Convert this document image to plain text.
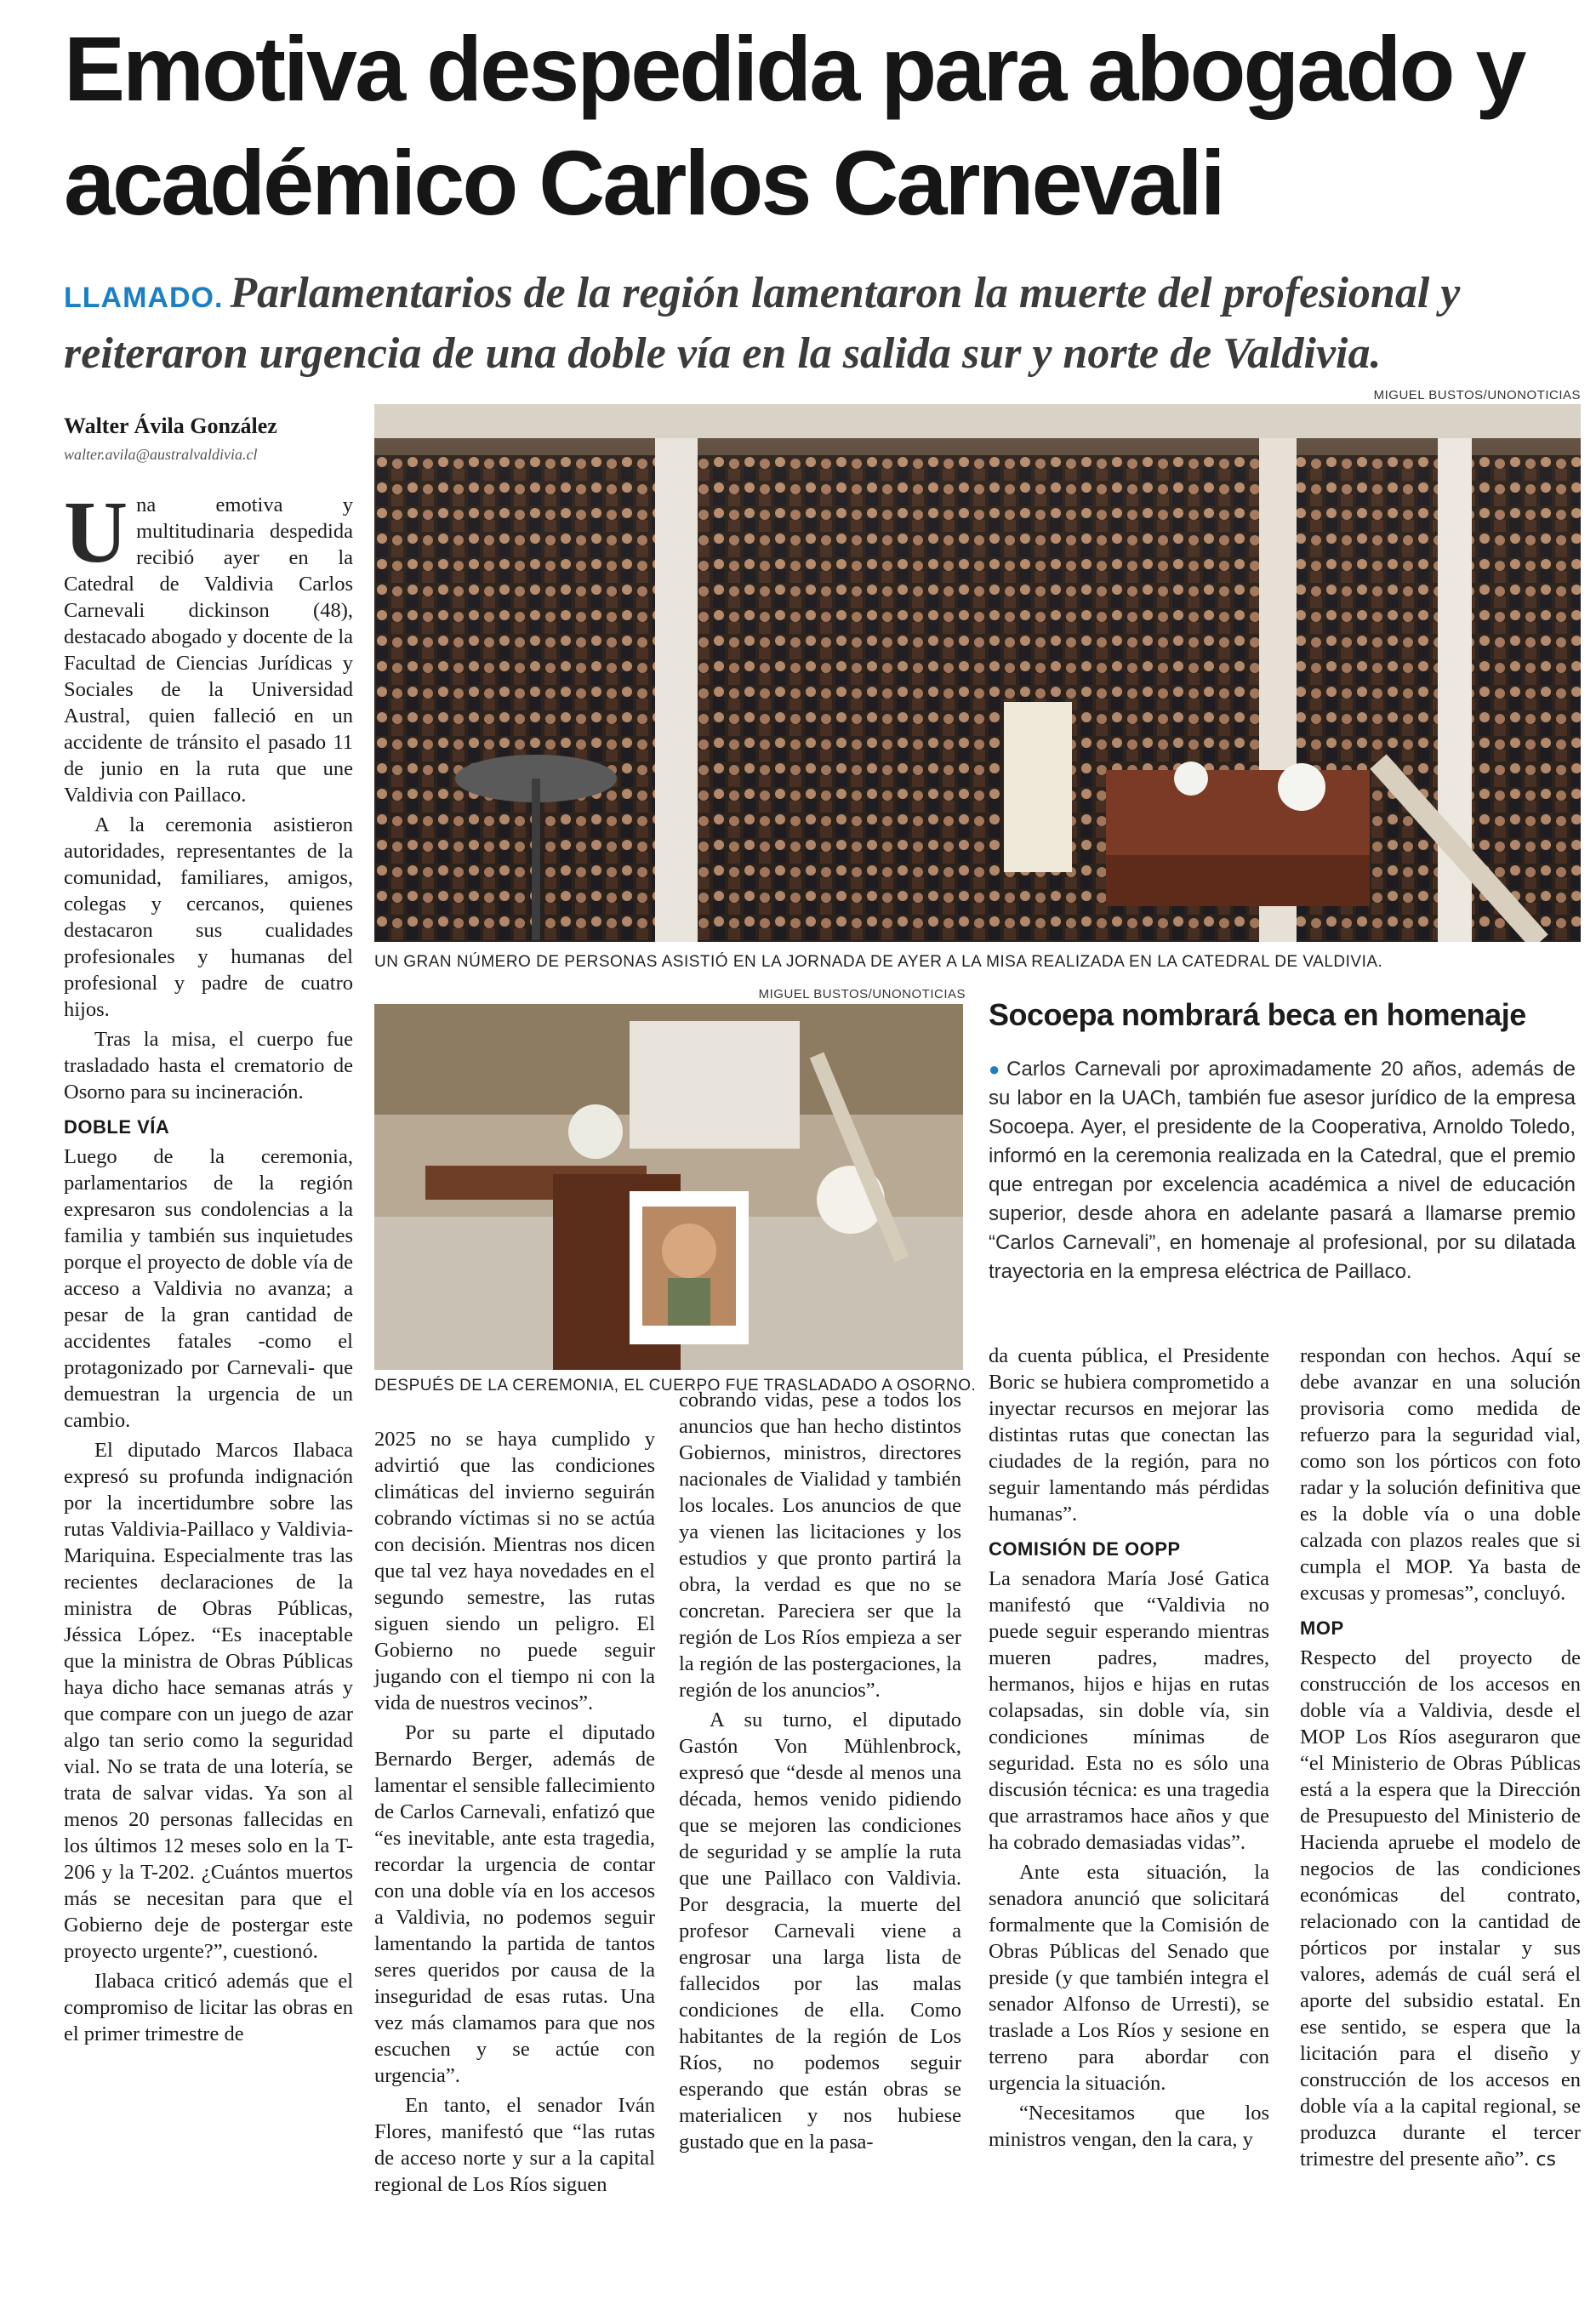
Emotiva despedida para abogado y académico Carlos Carnevali
LLAMADO. Parlamentarios de la región lamentaron la muerte del profesional y reiteraron urgencia de una doble vía en la salida sur y norte de Valdivia.
Walter Ávila González
walter.avila@australvaldivia.cl
MIGUEL BUSTOS/UNONOTICIAS
UN GRAN NÚMERO DE PERSONAS ASISTIÓ EN LA JORNADA DE AYER A LA MISA REALIZADA EN LA CATEDRAL DE VALDIVIA.
MIGUEL BUSTOS/UNONOTICIAS
DESPUÉS DE LA CEREMONIA, EL CUERPO FUE TRASLADADO A OSORNO.
Socoepa nombrará beca en homenaje
● Carlos Carnevali por aproximadamente 20 años, además de su labor en la UACh, también fue asesor jurídico de la empresa Socoepa. Ayer, el presidente de la Cooperativa, Arnoldo Toledo, informó en la ceremonia realizada en la Catedral, que el premio que entregan por excelencia académica a nivel de educación superior, desde ahora en adelante pasará a llamarse premio “Carlos Carnevali”, en homenaje al profesional, por su dilatada trayectoria en la empresa eléctrica de Paillaco.

Una emotiva y multitudinaria despedida recibió ayer en la Catedral de Valdivia Carlos Carnevali dickinson (48), destacado abogado y docente de la Facultad de Ciencias Jurídicas y Sociales de la Universidad Austral, quien falleció en un accidente de tránsito el pasado 11 de junio en la ruta que une Valdivia con Paillaco.

A la ceremonia asistieron autoridades, representantes de la comunidad, familiares, amigos, colegas y cercanos, quienes destacaron sus cualidades profesionales y humanas del profesional y padre de cuatro hijos.

Tras la misa, el cuerpo fue trasladado hasta el crematorio de Osorno para su incineración.

DOBLE VÍA

Luego de la ceremonia, parlamentarios de la región expresaron sus condolencias a la familia y también sus inquietudes porque el proyecto de doble vía de acceso a Valdivia no avanza; a pesar de la gran cantidad de accidentes fatales -como el protagonizado por Carnevali- que demuestran la urgencia de un cambio.

El diputado Marcos Ilabaca expresó su profunda indignación por la incertidumbre sobre las rutas Valdivia-Paillaco y Valdivia-Mariquina. Especialmente tras las recientes declaraciones de la ministra de Obras Públicas, Jéssica López. “Es inaceptable que la ministra de Obras Públicas haya dicho hace semanas atrás y que compare con un juego de azar algo tan serio como la seguridad vial. No se trata de una lotería, se trata de salvar vidas. Ya son al menos 20 personas fallecidas en los últimos 12 meses solo en la T-206 y la T-202. ¿Cuántos muertos más se necesitan para que el Gobierno deje de postergar este proyecto urgente?”, cuestionó.

Ilabaca criticó además que el compromiso de licitar las obras en el primer trimestre de

2025 no se haya cumplido y advirtió que las condiciones climáticas del invierno seguirán cobrando víctimas si no se actúa con decisión. Mientras nos dicen que tal vez haya novedades en el segundo semestre, las rutas siguen siendo un peligro. El Gobierno no puede seguir jugando con el tiempo ni con la vida de nuestros vecinos”.

Por su parte el diputado Bernardo Berger, además de lamentar el sensible fallecimiento de Carlos Carnevali, enfatizó que “es inevitable, ante esta tragedia, recordar la urgencia de contar con una doble vía en los accesos a Valdivia, no podemos seguir lamentando la partida de tantos seres queridos por causa de la inseguridad de esas rutas. Una vez más clamamos para que nos escuchen y se actúe con urgencia”.

En tanto, el senador Iván Flores, manifestó que “las rutas de acceso norte y sur a la capital regional de Los Ríos siguen

cobrando vidas, pese a todos los anuncios que han hecho distintos Gobiernos, ministros, directores nacionales de Vialidad y también los locales. Los anuncios de que ya vienen las licitaciones y los estudios y que pronto partirá la obra, la verdad es que no se concretan. Pareciera ser que la región de Los Ríos empieza a ser la región de las postergaciones, la región de los anuncios”.

A su turno, el diputado Gastón Von Mühlenbrock, expresó que “desde al menos una década, hemos venido pidiendo que se mejoren las condiciones de seguridad y se amplíe la ruta que une Paillaco con Valdivia. Por desgracia, la muerte del profesor Carnevali viene a engrosar una larga lista de fallecidos por las malas condiciones de ella. Como habitantes de la región de Los Ríos, no podemos seguir esperando que están obras se materialicen y nos hubiese gustado que en la pasa-

da cuenta pública, el Presidente Boric se hubiera comprometido a inyectar recursos en mejorar las distintas rutas que conectan las ciudades de la región, para no seguir lamentando más pérdidas humanas”.

COMISIÓN DE OOPP

La senadora María José Gatica manifestó que “Valdivia no puede seguir esperando mientras mueren padres, madres, hermanos, hijos e hijas en rutas colapsadas, sin doble vía, sin condiciones mínimas de seguridad. Esta no es sólo una discusión técnica: es una tragedia que arrastramos hace años y que ha cobrado demasiadas vidas”.

Ante esta situación, la senadora anunció que solicitará formalmente que la Comisión de Obras Públicas del Senado que preside (y que también integra el senador Alfonso de Urresti), se traslade a Los Ríos y sesione en terreno para abordar con urgencia la situación.

“Necesitamos que los ministros vengan, den la cara, y

respondan con hechos. Aquí se debe avanzar en una solución provisoria como medida de refuerzo para la seguridad vial, como son los pórticos con foto radar y la solución definitiva que es la doble vía o una doble calzada con plazos reales que si cumpla el MOP. Ya basta de excusas y promesas”, concluyó.

MOP

Respecto del proyecto de construcción de los accesos en doble vía a Valdivia, desde el MOP Los Ríos aseguraron que “el Ministerio de Obras Públicas está a la espera que la Dirección de Presupuesto del Ministerio de Hacienda apruebe el modelo de negocios de las condiciones económicas del contrato, relacionado con la cantidad de pórticos por instalar y sus valores, además de cuál será el aporte del subsidio estatal. En ese sentido, se espera que la licitación para el diseño y construcción de los accesos en doble vía a la capital regional, se produzca durante el tercer trimestre del presente año”. cs
